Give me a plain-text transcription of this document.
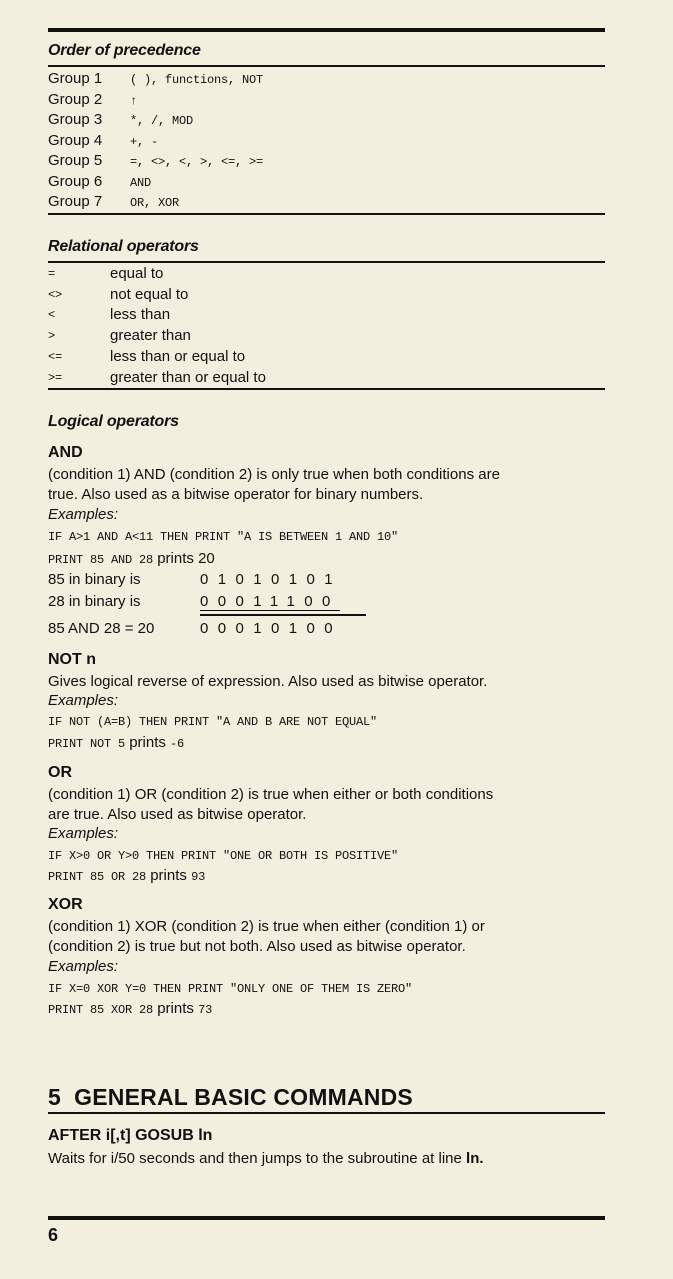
Order of precedence
Group 1 ( ), functions, NOT
Group 2 ↑
Group 3 *, /, MOD
Group 4 +, -
Group 5 =, <>, <, >, <=, >=
Group 6 AND
Group 7 OR, XOR
Relational operators
=	equal to
<>	not equal to
<	less than
>	greater than
<=	less than or equal to
>=	greater than or equal to
Logical operators
AND
(condition 1) AND (condition 2) is only true when both conditions are
true. Also used as a bitwise operator for binary numbers.
Examples:
IF A>1 AND A<11 THEN PRINT "A IS BETWEEN 1 AND 10"
PRINT 85 AND 28 prints 20
85 in binary is	01010101
28 in binary is	00011100
85 AND 28 = 20	00010100
NOT n
Gives logical reverse of expression. Also used as bitwise operator.
Examples:
IF NOT (A=B) THEN PRINT "A AND B ARE NOT EQUAL"
PRINT NOT 5 prints -6
OR
(condition 1) OR (condition 2) is true when either or both conditions
are true. Also used as bitwise operator.
Examples:
IF X>0 OR Y>0 THEN PRINT "ONE OR BOTH IS POSITIVE"
PRINT 85 OR 28 prints 93
XOR
(condition 1) XOR (condition 2) is true when either (condition 1) or
(condition 2) is true but not both. Also used as bitwise operator.
Examples:
IF X=0 XOR Y=0 THEN PRINT "ONLY ONE OF THEM IS ZERO"
PRINT 85 XOR 28 prints 73
5  GENERAL BASIC COMMANDS
AFTER i[,t] GOSUB ln
Waits for i/50 seconds and then jumps to the subroutine at line ln.
6
